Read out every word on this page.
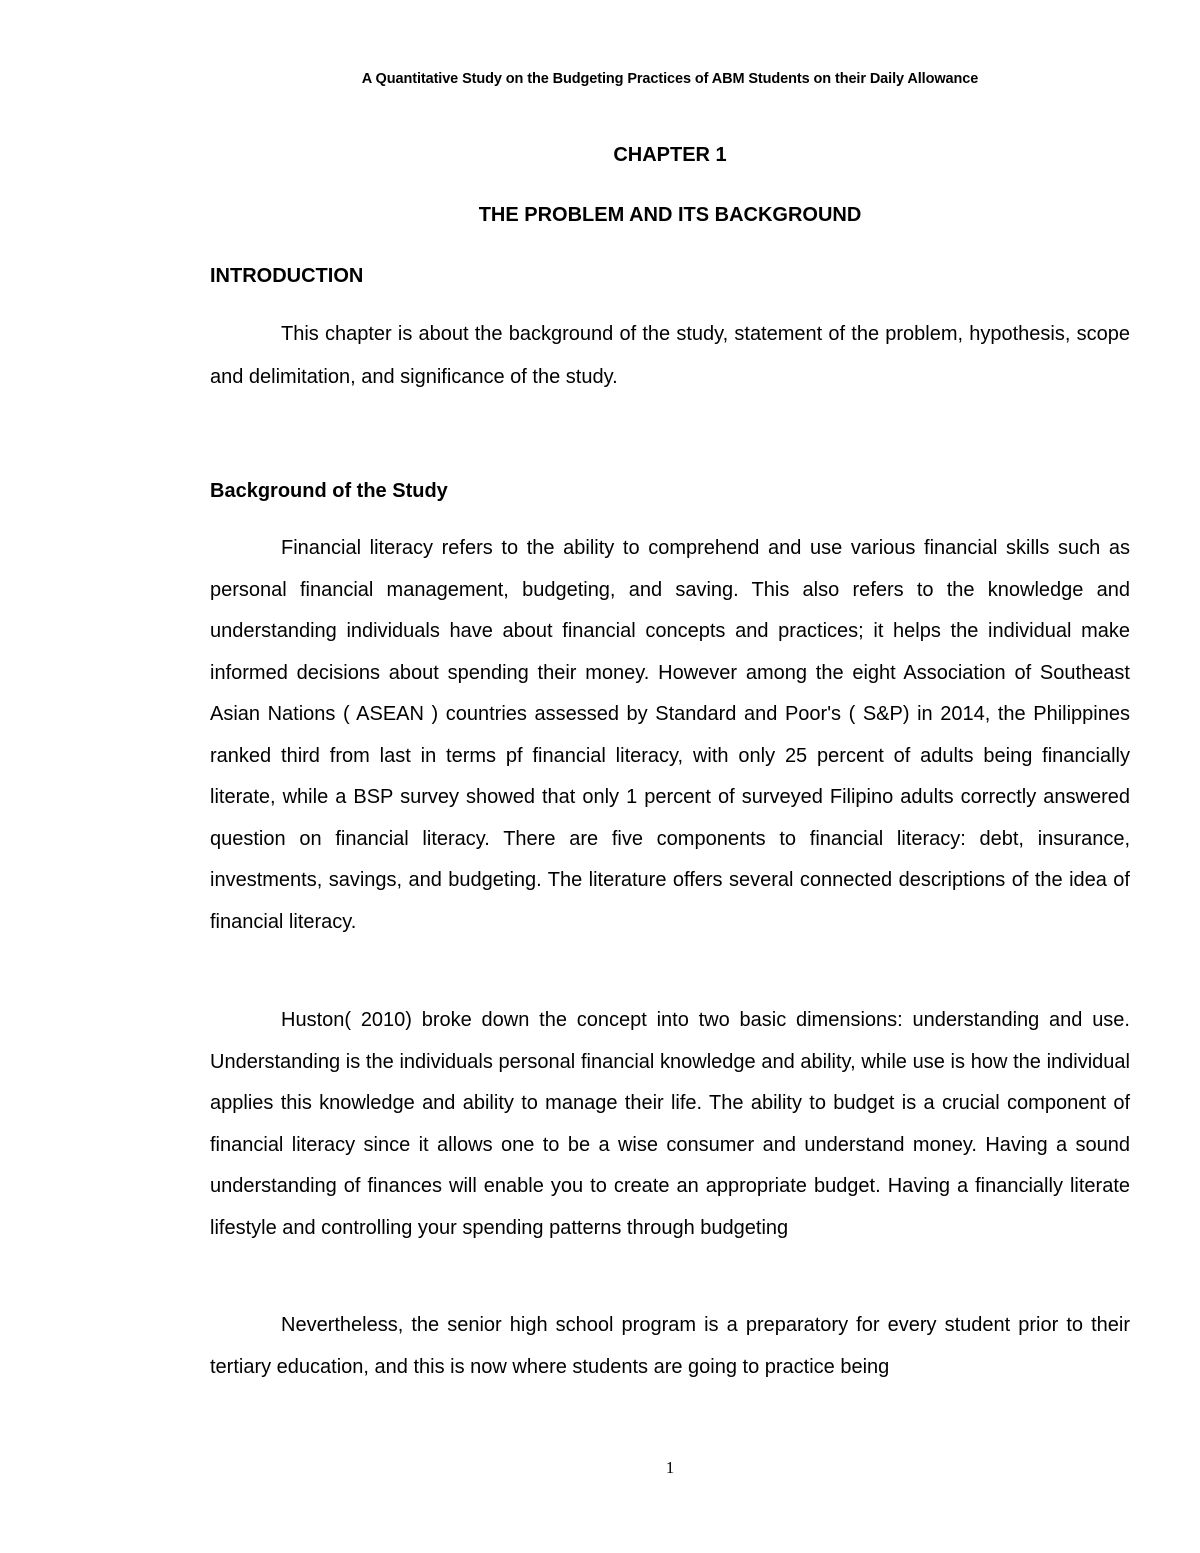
A Quantitative Study on the Budgeting Practices of ABM Students on their Daily Allowance
CHAPTER 1
THE PROBLEM AND ITS BACKGROUND
INTRODUCTION

This chapter is about the background of the study, statement of the problem, hypothesis, scope and delimitation, and significance of the study.

Background of the Study

Financial literacy refers to the ability to comprehend and use various financial skills such as personal financial management, budgeting, and saving. This also refers to the knowledge and understanding individuals have about financial concepts and practices; it helps the individual make informed decisions about spending their money. However among the eight Association of Southeast Asian Nations ( ASEAN ) countries assessed by Standard and Poor's ( S&P) in 2014, the Philippines ranked third from last in terms pf financial literacy, with only 25 percent of adults being financially literate, while a BSP survey showed that only 1 percent of surveyed Filipino adults correctly answered question on financial literacy. There are five components to financial literacy: debt, insurance, investments, savings, and budgeting. The literature offers several connected descriptions of the idea of financial literacy.

Huston( 2010) broke down the concept into two basic dimensions: understanding and use. Understanding is the individuals personal financial knowledge and ability, while use is how the individual applies this knowledge and ability to manage their life. The ability to budget is a crucial component of financial literacy since it allows one to be a wise consumer and understand money. Having a sound understanding of finances will enable you to create an appropriate budget. Having a financially literate lifestyle and controlling your spending patterns through budgeting

Nevertheless, the senior high school program is a preparatory for every student prior to their tertiary education, and this is now where students are going to practice being

1
